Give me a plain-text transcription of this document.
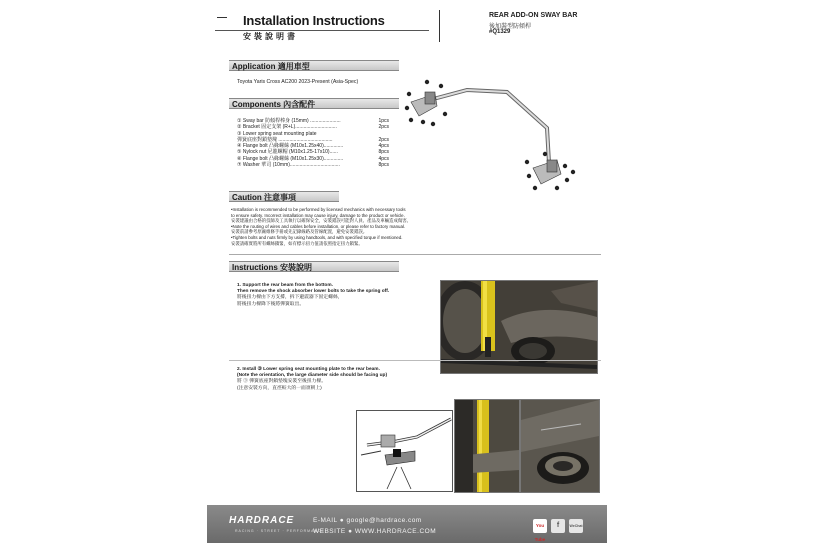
Installation Instructions
安裝說明書
REAR ADD-ON SWAY BAR
後加裝型防傾桿
#Q1329
Application 適用車型
Toyota Yaris Cross AC200 2023-Present (Asia-Spec)
Components 內含配件
① Sway bar 防傾桿棒身 (15mm) ......................	1pcs
② Bracket 固定支架 (R+L)..............................	2pcs
③ Lower spring seat mounting plate
彈簧底座對鎖墊塊 .......................................	2pcs
④ Flange bolt 凸緣螺絲 (M10x1.25x40)..............	4pcs
⑤ Nylock nut 尼龍螺帽 (M10x1.25-17x10)......	8pcs
⑥ Flange bolt 凸緣螺絲 (M10x1.25x30)..............	4pcs
⑦ Washer 華司 (10mm)....................................	8pcs
Caution 注意事項
•Installation is recommended to be performed by licensed mechanics with necessary tools
to ensure safety. Incorrect installation may cause injury, damage to the product or vehicle.
安裝建議由合格的技師及工具執行以確保安全，安裝錯誤可能對人員、產品及車輛造成傷害。
•Note the routing of wires and cables before installation, or please refer to factory manual.
安裝前請參考原廠維修手冊或先記錄線路及管線配置，避免安裝錯誤。
•Tighten bolts and nuts firmly by using handtools, and with specified torque if mentioned.
安裝請確實將所有螺絲鎖緊，如有標示扭力值請依照指定扭力鎖緊。
Instructions 安裝說明
1. Support the rear beam from the bottom.
Then remove the shock absorber lower bolts to take the spring off.
將後扭力樑由下方支撐，拆下避震器下固定螺絲，
將後扭力樑降下後將彈簧取出。
2. Install ③ Lower spring seat mounting plate to the rear beam.
(Note the orientation, the large diameter side should be facing up)
將 ③ 彈簧底座對鎖墊塊安裝至後扭力樑。
(注意安裝方向，直徑較大的一面須朝上)
HARDRACE
RACING · STREET · PERFORMANCE
E-MAIL ● google@hardrace.com
WEBSITE ● WWW.HARDRACE.COM
You Tube
f	WeChat
